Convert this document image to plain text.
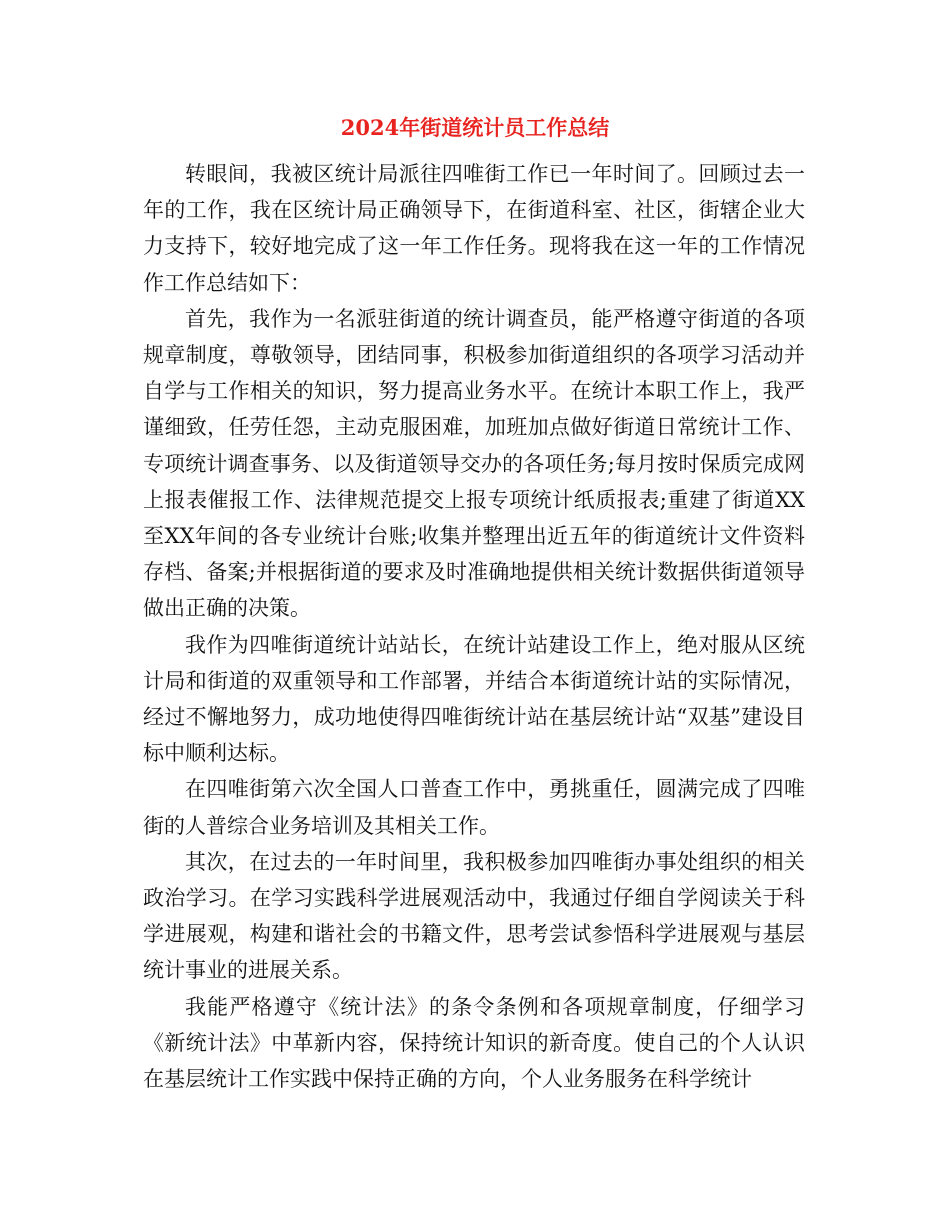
2024年街道统计员工作总结

转眼间，我被区统计局派往四唯街工作已一年时间了。回顾过去一年的工作，我在区统计局正确领导下，在街道科室、社区，街辖企业大力支持下，较好地完成了这一年工作任务。现将我在这一年的工作情况作工作总结如下：

首先，我作为一名派驻街道的统计调查员，能严格遵守街道的各项规章制度，尊敬领导，团结同事，积极参加街道组织的各项学习活动并自学与工作相关的知识，努力提高业务水平。在统计本职工作上，我严谨细致，任劳任怨，主动克服困难，加班加点做好街道日常统计工作、专项统计调查事务、以及街道领导交办的各项任务;每月按时保质完成网上报表催报工作、法律规范提交上报专项统计纸质报表;重建了街道XX至XX年间的各专业统计台账;收集并整理出近五年的街道统计文件资料存档、备案;并根据街道的要求及时准确地提供相关统计数据供街道领导做出正确的决策。

我作为四唯街道统计站站长，在统计站建设工作上，绝对服从区统计局和街道的双重领导和工作部署，并结合本街道统计站的实际情况，经过不懈地努力，成功地使得四唯街统计站在基层统计站“双基”建设目标中顺利达标。

在四唯街第六次全国人口普查工作中，勇挑重任，圆满完成了四唯街的人普综合业务培训及其相关工作。

其次，在过去的一年时间里，我积极参加四唯街办事处组织的相关政治学习。在学习实践科学进展观活动中，我通过仔细自学阅读关于科学进展观，构建和谐社会的书籍文件，思考尝试参悟科学进展观与基层统计事业的进展关系。

我能严格遵守《统计法》的条令条例和各项规章制度，仔细学习《新统计法》中革新内容，保持统计知识的新奇度。使自己的个人认识在基层统计工作实践中保持正确的方向，个人业务服务在科学统计
